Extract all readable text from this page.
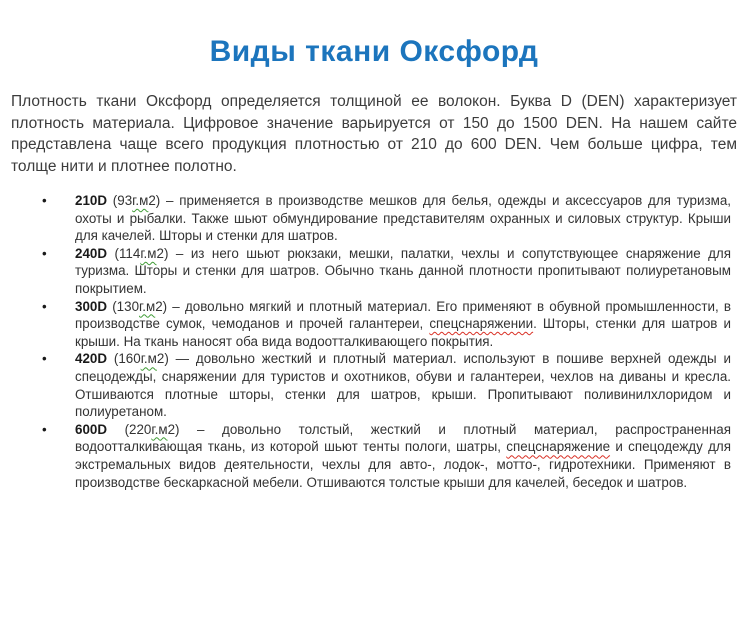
Виды ткани Оксфорд

Плотность ткани Оксфорд определяется толщиной ее волокон. Буква D (DEN) характеризует плотность материала. Цифровое значение варьируется от 150 до 1500 DEN. На нашем сайте представлена чаще всего продукция плотностью от 210 до 600 DEN. Чем больше цифра, тем толще нити и плотнее полотно.

• 210D (93г.м2) – применяется в производстве мешков для белья, одежды и аксессуаров для туризма, охоты и рыбалки. Также шьют обмундирование представителям охранных и силовых структур. Крыши для качелей. Шторы и стенки для шатров.
• 240D (114г.м2) – из него шьют рюкзаки, мешки, палатки, чехлы и сопутствующее снаряжение для туризма. Шторы и стенки для шатров. Обычно ткань данной плотности пропитывают полиуретановым покрытием.
• 300D (130г.м2) – довольно мягкий и плотный материал. Его применяют в обувной промышленности, в производстве сумок, чемоданов и прочей галантереи, спецснаряжении. Шторы, стенки для шатров и крыши. На ткань наносят оба вида водоотталкивающего покрытия.
• 420D (160г.м2) — довольно жесткий и плотный материал. используют в пошиве верхней одежды и спецодежды, снаряжении для туристов и охотников, обуви и галантереи, чехлов на диваны и кресла. Отшиваются плотные шторы, стенки для шатров, крыши. Пропитывают поливинилхлоридом и полиуретаном.
• 600D (220г.м2) – довольно толстый, жесткий и плотный материал, распространенная водоотталкивающая ткань, из которой шьют тенты пологи, шатры, спецснаряжение и спецодежду для экстремальных видов деятельности, чехлы для авто-, лодок-, мотто-, гидротехники. Применяют в производстве бескаркасной мебели. Отшиваются толстые крыши для качелей, беседок и шатров.
